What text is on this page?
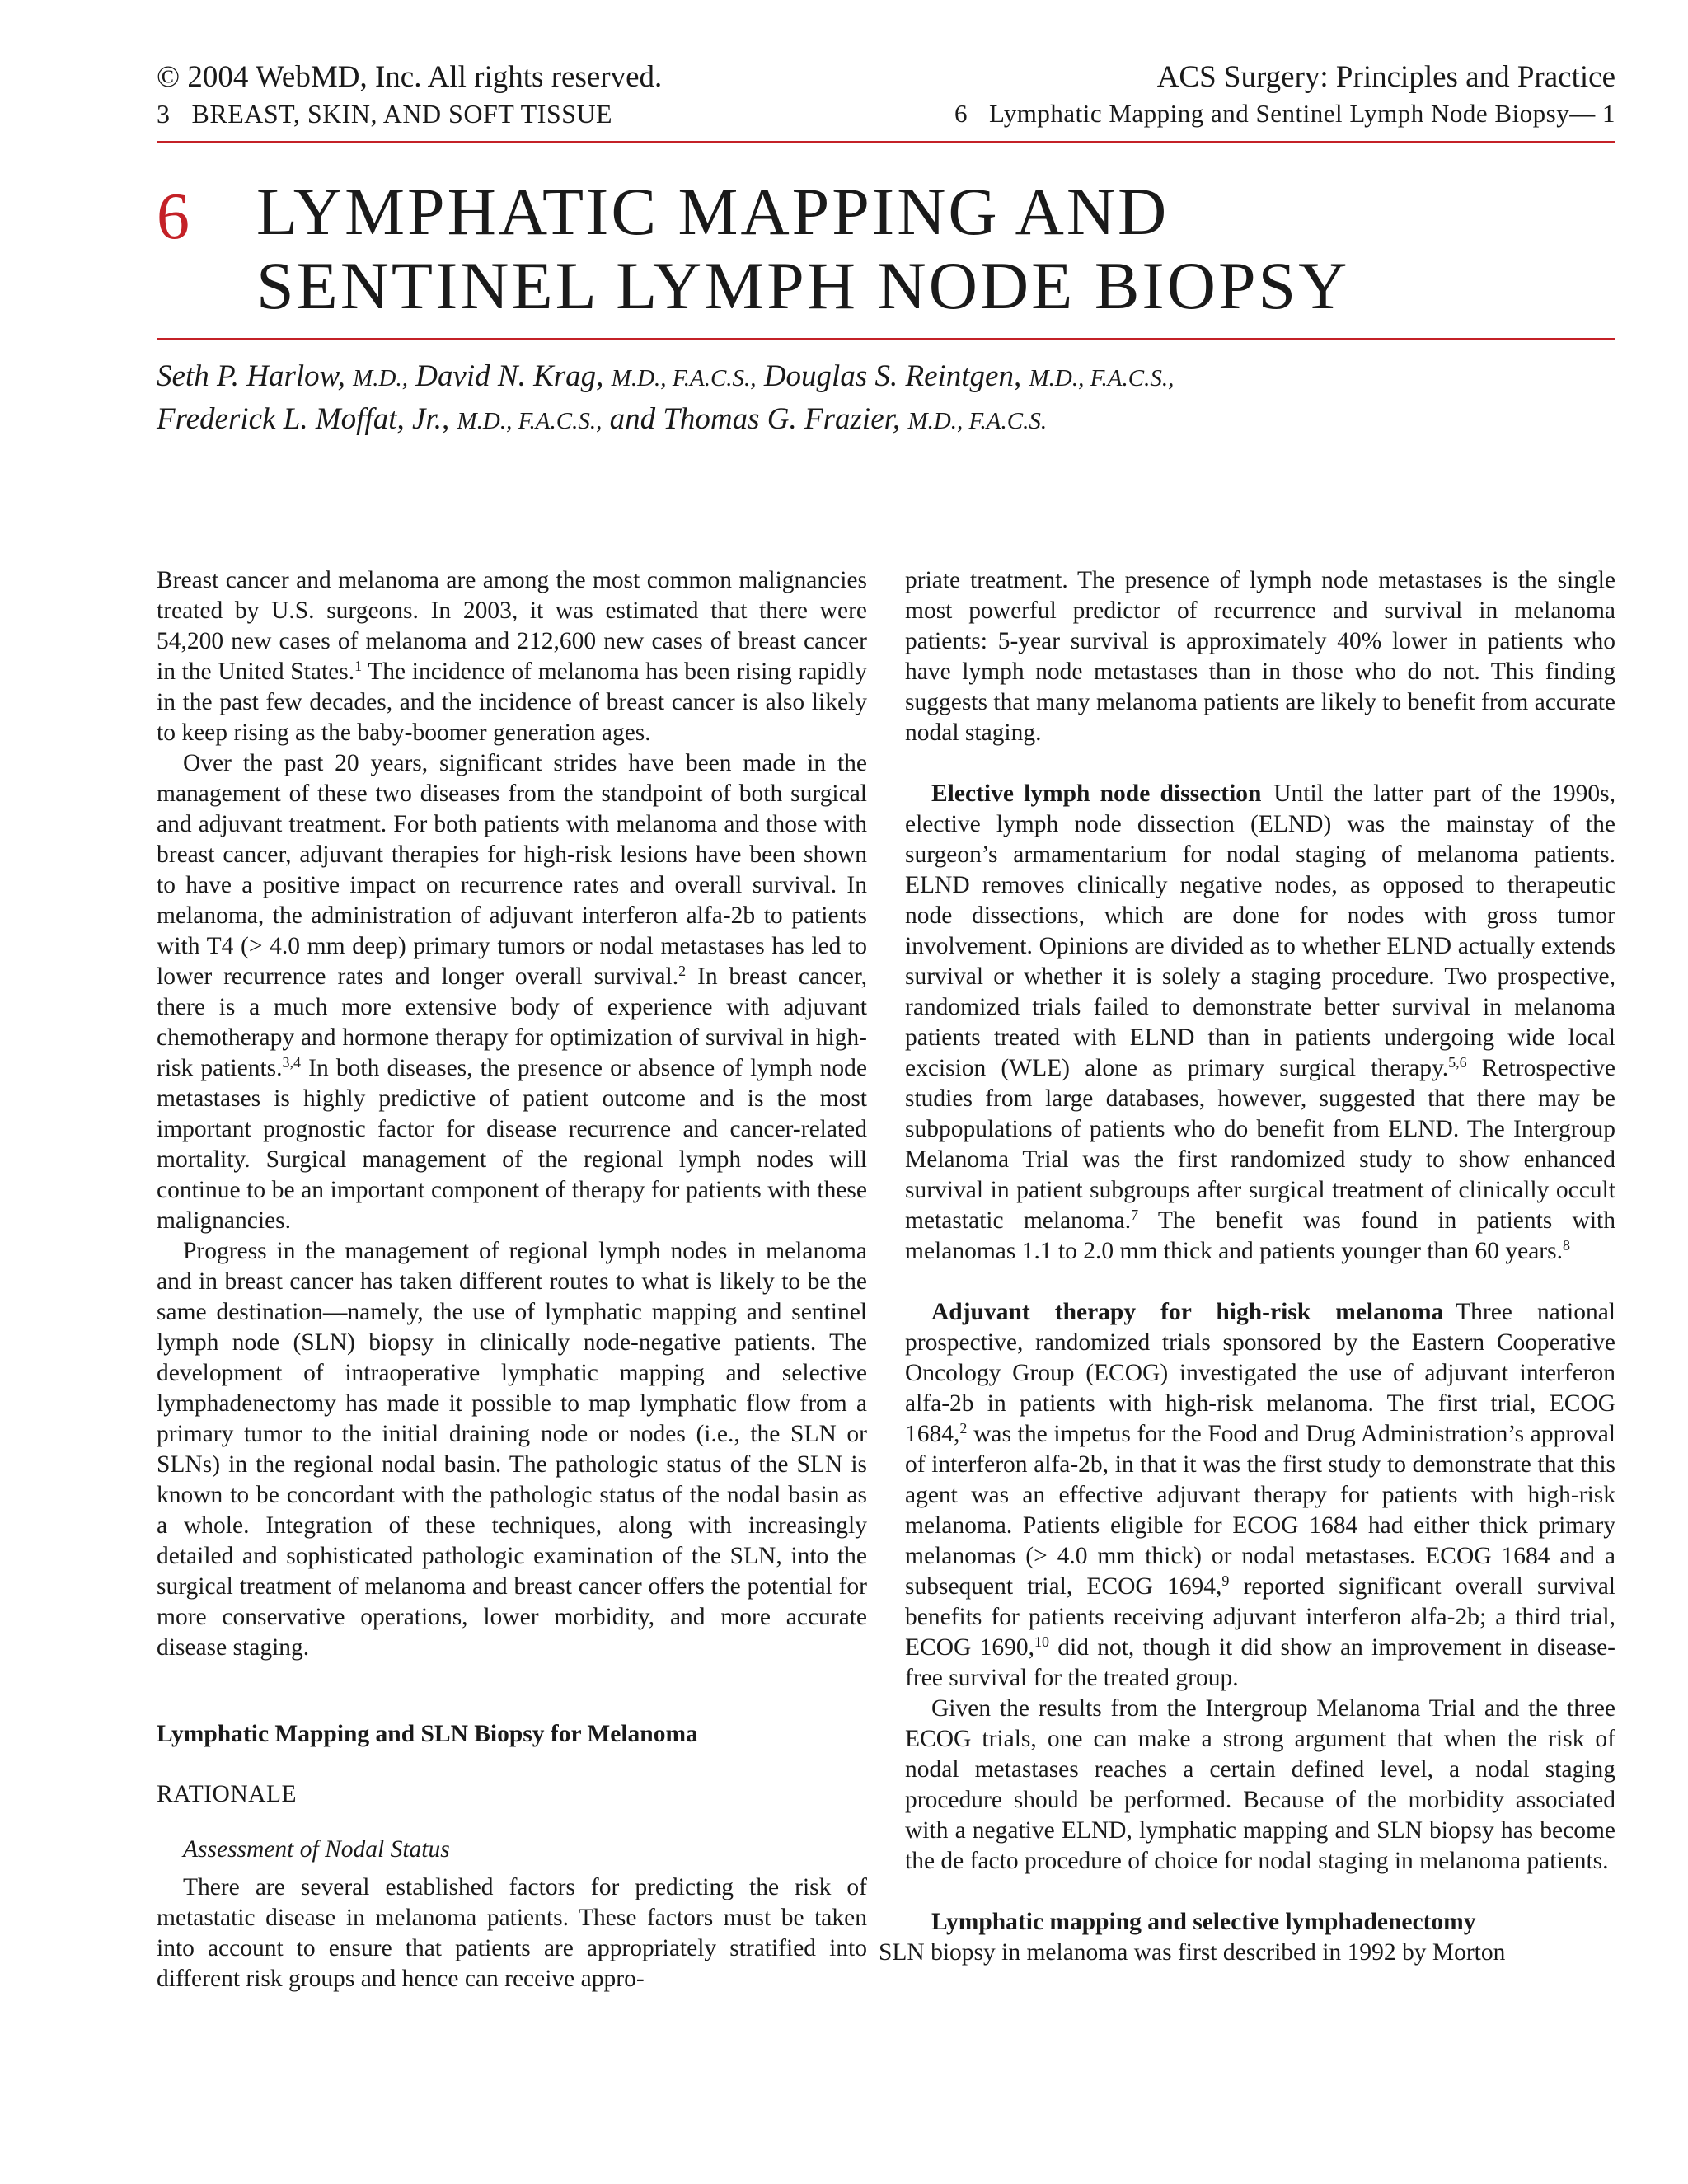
© 2004 WebMD, Inc. All rights reserved.
3 BREAST, SKIN, AND SOFT TISSUE
ACS Surgery: Principles and Practice
6 Lymphatic Mapping and Sentinel Lymph Node Biopsy— 1
6 LYMPHATIC MAPPING AND
SENTINEL LYMPH NODE BIOPSY
Seth P. Harlow, M.D., David N. Krag, M.D., F.A.C.S., Douglas S. Reintgen, M.D., F.A.C.S.,
Frederick L. Moffat, Jr., M.D., F.A.C.S., and Thomas G. Frazier, M.D., F.A.C.S.

Breast cancer and melanoma are among the most common malignancies treated by U.S. surgeons. In 2003, it was estimated that there were 54,200 new cases of melanoma and 212,600 new cases of breast cancer in the United States.$^1$ The incidence of melanoma has been rising rapidly in the past few decades, and the incidence of breast cancer is also likely to keep rising as the baby-boomer generation ages.

Over the past 20 years, significant strides have been made in the management of these two diseases from the standpoint of both surgical and adjuvant treatment. For both patients with melanoma and those with breast cancer, adjuvant therapies for high-risk lesions have been shown to have a positive impact on recurrence rates and overall survival. In melanoma, the administration of adjuvant interferon alfa-2b to patients with T4 (> 4.0 mm deep) primary tumors or nodal metastases has led to lower recurrence rates and longer overall survival.$^2$ In breast cancer, there is a much more extensive body of experience with adjuvant chemotherapy and hormone therapy for optimization of survival in high-risk patients.$^{3,4}$ In both diseases, the presence or absence of lymph node metastases is highly predictive of patient outcome and is the most important prognostic factor for disease recurrence and cancer-related mortality. Surgical management of the regional lymph nodes will continue to be an important component of therapy for patients with these malignancies.

Progress in the management of regional lymph nodes in melanoma and in breast cancer has taken different routes to what is likely to be the same destination—namely, the use of lymphatic mapping and sentinel lymph node (SLN) biopsy in clinically node-negative patients. The development of intraoperative lymphatic mapping and selective lymphadenectomy has made it possible to map lymphatic flow from a primary tumor to the initial draining node or nodes (i.e., the SLN or SLNs) in the regional nodal basin. The pathologic status of the SLN is known to be concordant with the pathologic status of the nodal basin as a whole. Integration of these techniques, along with increasingly detailed and sophisticated pathologic examination of the SLN, into the surgical treatment of melanoma and breast cancer offers the potential for more conservative operations, lower morbidity, and more accurate disease staging.

Lymphatic Mapping and SLN Biopsy for Melanoma

RATIONALE

Assessment of Nodal Status

There are several established factors for predicting the risk of metastatic disease in melanoma patients. These factors must be taken into account to ensure that patients are appropriately stratified into different risk groups and hence can receive appro-

priate treatment. The presence of lymph node metastases is the single most powerful predictor of recurrence and survival in melanoma patients: 5-year survival is approximately 40% lower in patients who have lymph node metastases than in those who do not. This finding suggests that many melanoma patients are likely to benefit from accurate nodal staging.

Elective lymph node dissection  Until the latter part of the 1990s, elective lymph node dissection (ELND) was the mainstay of the surgeon’s armamentarium for nodal staging of melanoma patients. ELND removes clinically negative nodes, as opposed to therapeutic node dissections, which are done for nodes with gross tumor involvement. Opinions are divided as to whether ELND actually extends survival or whether it is solely a staging procedure. Two prospective, randomized trials failed to demonstrate better survival in melanoma patients treated with ELND than in patients undergoing wide local excision (WLE) alone as primary surgical therapy.$^{5,6}$ Retrospective studies from large databases, however, suggested that there may be subpopulations of patients who do benefit from ELND. The Intergroup Melanoma Trial was the first randomized study to show enhanced survival in patient subgroups after surgical treatment of clinically occult metastatic melanoma.$^7$ The benefit was found in patients with melanomas 1.1 to 2.0 mm thick and patients younger than 60 years.$^8$

Adjuvant therapy for high-risk melanoma  Three national prospective, randomized trials sponsored by the Eastern Cooperative Oncology Group (ECOG) investigated the use of adjuvant interferon alfa-2b in patients with high-risk melanoma. The first trial, ECOG 1684,$^2$ was the impetus for the Food and Drug Administration’s approval of interferon alfa-2b, in that it was the first study to demonstrate that this agent was an effective adjuvant therapy for patients with high-risk melanoma. Patients eligible for ECOG 1684 had either thick primary melanomas (> 4.0 mm thick) or nodal metastases. ECOG 1684 and a subsequent trial, ECOG 1694,$^9$ reported significant overall survival benefits for patients receiving adjuvant interferon alfa-2b; a third trial, ECOG 1690,10 did not, though it did show an improvement in disease-free survival for the treated group.

Given the results from the Intergroup Melanoma Trial and the three ECOG trials, one can make a strong argument that when the risk of nodal metastases reaches a certain defined level, a nodal staging procedure should be performed. Because of the morbidity associated with a negative ELND, lymphatic mapping and SLN biopsy has become the de facto procedure of choice for nodal staging in melanoma patients.

Lymphatic mapping and selective lymphadenectomy
SLN biopsy in melanoma was first described in 1992 by Morton
